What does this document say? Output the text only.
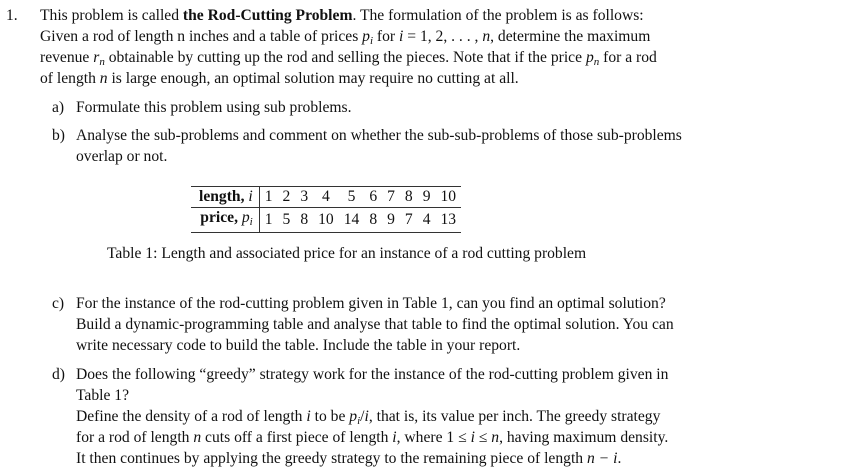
1. This problem is called the Rod-Cutting Problem. The formulation of the problem is as follows:
Given a rod of length n inches and a table of prices $p_i$ for i = 1, 2, . . . , n, determine the maximum
revenue $r_n$ obtainable by cutting up the rod and selling the pieces. Note that if the price $p_n$ for a rod
of length n is large enough, an optimal solution may require no cutting at all.
a) Formulate this problem using sub problems.
b) Analyse the sub-problems and comment on whether the sub-sub-problems of those sub-problems
overlap or not.
length, i	1	2	3	4	5	6	7	8	9	10
price, $p_i$	1	5	8	10	14	8	9	7	4	13
Table 1: Length and associated price for an instance of a rod cutting problem
c) For the instance of the rod-cutting problem given in Table 1, can you find an optimal solution?
Build a dynamic-programming table and analyse that table to find the optimal solution. You can
write necessary code to build the table. Include the table in your report.
d) Does the following “greedy” strategy work for the instance of the rod-cutting problem given in
Table 1?
Define the density of a rod of length i to be $p_i/i$, that is, its value per inch. The greedy strategy
for a rod of length n cuts off a first piece of length i, where 1 ≤ i ≤ n, having maximum density.
It then continues by applying the greedy strategy to the remaining piece of length n − i.
